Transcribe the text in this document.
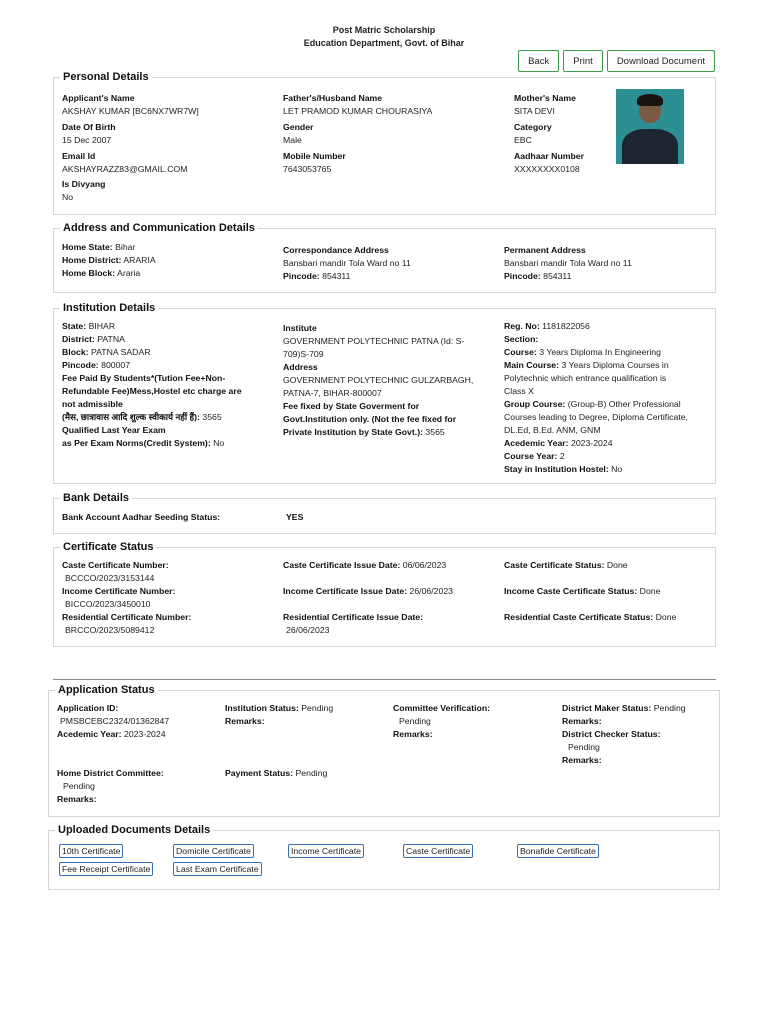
Post Matric Scholarship
Education Department, Govt. of Bihar
Back	Print	Download Document
Personal Details
Applicant's Name
AKSHAY KUMAR [BC6NX7WR7W]
Father's/Husband Name
LET PRAMOD KUMAR CHOURASIYA
Mother's Name
SITA DEVI
Date Of Birth
15 Dec 2007
Gender
Male
Category
EBC
Email Id
AKSHAYRAZZ83@GMAIL.COM
Mobile Number
7643053765
Aadhaar Number
XXXXXXXX0108
Is Divyang
No
Address and Communication Details
Home State: Bihar
Home District: ARARIA
Home Block: Araria
Correspondance Address
Bansbari mandir Tola Ward no 11
Pincode: 854311
Permanent Address
Bansbari mandir Tola Ward no 11
Pincode: 854311
Institution Details
State: BIHAR
District: PATNA
Block: PATNA SADAR
Pincode: 800007
Fee Paid By Students*(Tution Fee+Non-
Refundable Fee)Mess,Hostel etc charge are
not admissible
(मैस, छात्रावास आदि शुल्क स्वीकार्य नहीं हैं): 3565
Qualified Last Year Exam
as Per Exam Norms(Credit System): No
Institute
GOVERNMENT POLYTECHNIC PATNA (Id: S-
709)S-709
Address
GOVERNMENT POLYTECHNIC GULZARBAGH,
PATNA-7, BIHAR-800007
Fee fixed by State Goverment for
Govt.Institution only. (Not the fee fixed for
Private Institution by State Govt.): 3565
Reg. No: 1181822056
Section:
Course: 3 Years Diploma In Engineering
Main Course: 3 Years Diploma Courses in
Polytechnic which entrance qualification is
Class X
Group Course: (Group-B) Other Professional
Courses leading to Degree, Diploma Certificate,
DL.Ed, B.Ed. ANM, GNM
Acedemic Year: 2023-2024
Course Year: 2
Stay in Institution Hostel: No
Bank Details
Bank Account Aadhar Seeding Status:	YES
Certificate Status
Caste Certificate Number:
BCCCO/2023/3153144
Income Certificate Number:
BICCO/2023/3450010
Residential Certificate Number:
BRCCO/2023/5089412
Caste Certificate Issue Date: 06/06/2023
Income Certificate Issue Date: 26/06/2023
Residential Certificate Issue Date:
26/06/2023
Caste Certificate Status: Done
Income Caste Certificate Status: Done
Residential Caste Certificate Status: Done
Application Status
Application ID:
PMSBCEBC2324/01362847
Acedemic Year: 2023-2024
Institution Status: Pending
Remarks:
Committee Verification:
Pending
Remarks:
District Maker Status: Pending
Remarks:
District Checker Status:
Pending
Remarks:
Home District Committee:
Pending
Remarks:
Payment Status: Pending
Uploaded Documents Details
10th Certificate	Domicile Certificate	Income Certificate	Caste Certificate	Bonafide Certificate
Fee Receipt Certificate	Last Exam Certificate
